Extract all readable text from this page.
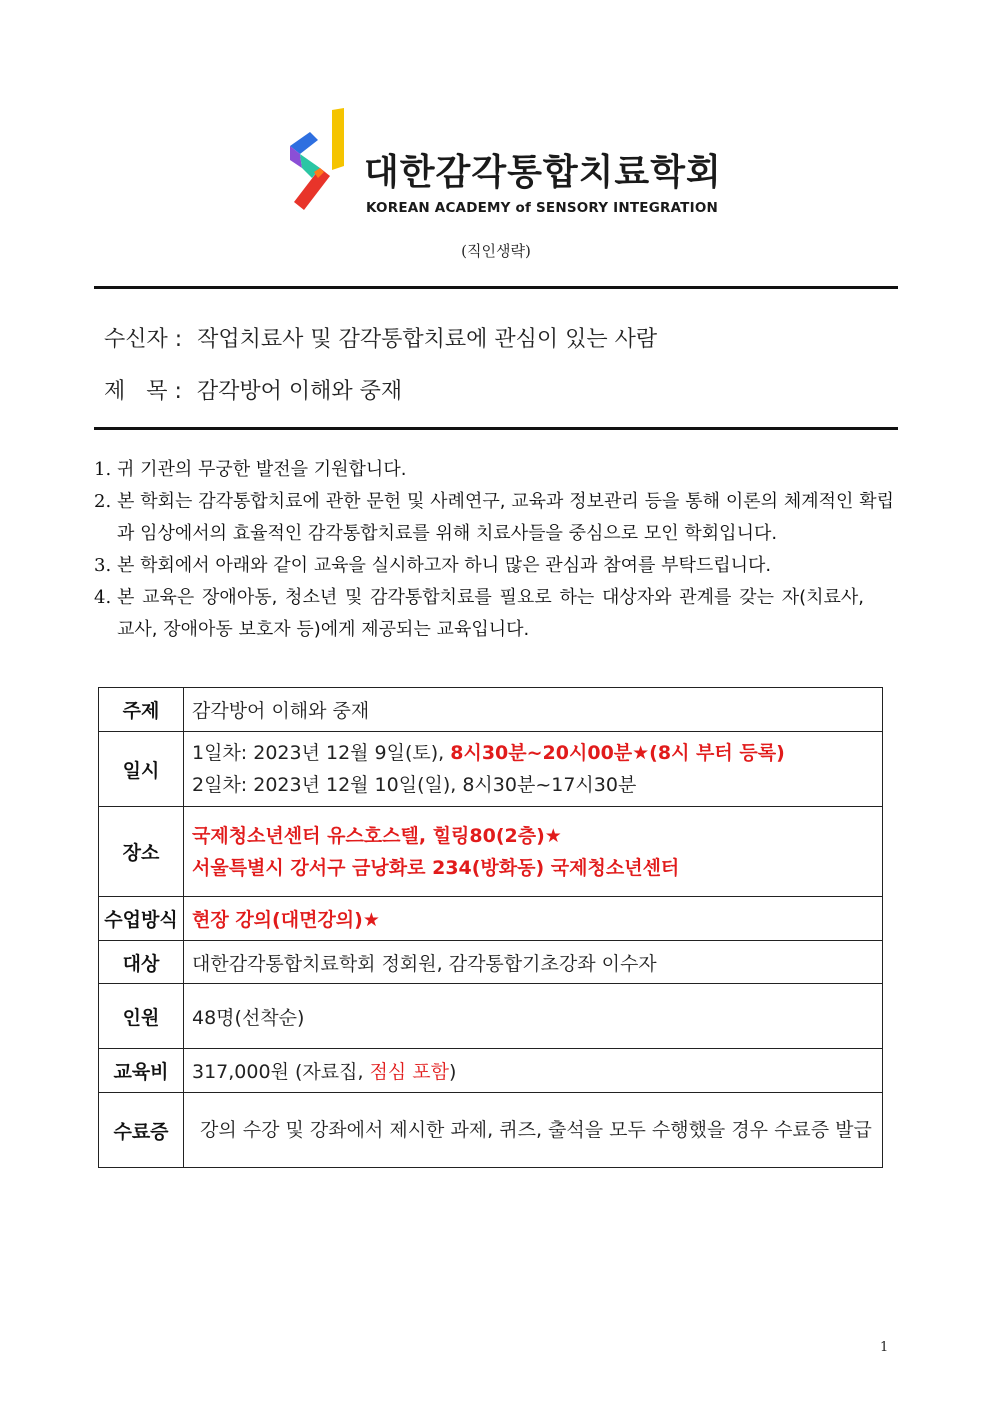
대한감각통합치료학회
KOREAN ACADEMY of SENSORY INTEGRATION
(직인생략)
수신자 : 작업치료사 및 감각통합치료에 관심이 있는 사람
제   목 : 감각방어 이해와 중재
1. 귀 기관의 무궁한 발전을 기원합니다.
2. 본 학회는 감각통합치료에 관한 문헌 및 사례연구, 교육과 정보관리 등을 통해 이론의 체계적인 확립과 임상에서의 효율적인 감각통합치료를 위해 치료사들을 중심으로 모인 학회입니다.
3. 본 학회에서 아래와 같이 교육을 실시하고자 하니 많은 관심과 참여를 부탁드립니다.
4. 본 교육은 장애아동, 청소년 및 감각통합치료를 필요로 하는 대상자와 관계를 갖는 자(치료사, 교사, 장애아동 보호자 등)에게 제공되는 교육입니다.
주제	감각방어 이해와 중재
일시	1일차: 2023년 12월 9일(토), 8시30분~20시00분★(8시 부터 등록)
2일차: 2023년 12월 10일(일), 8시30분~17시30분

장소	국제청소년센터 유스호스텔, 힐링80(2층)★
서울특별시 강서구 금낭화로 234(방화동) 국제청소년센터

수업방식	현장 강의(대면강의)★
대상	대한감각통합치료학회 정회원, 감각통합기초강좌 이수자
인원	48명(선착순)
교육비	317,000원 (자료집, 점심 포함)
수료증	강의 수강 및 강좌에서 제시한 과제, 퀴즈, 출석을 모두 수행했을 경우 수료증 발급
1
